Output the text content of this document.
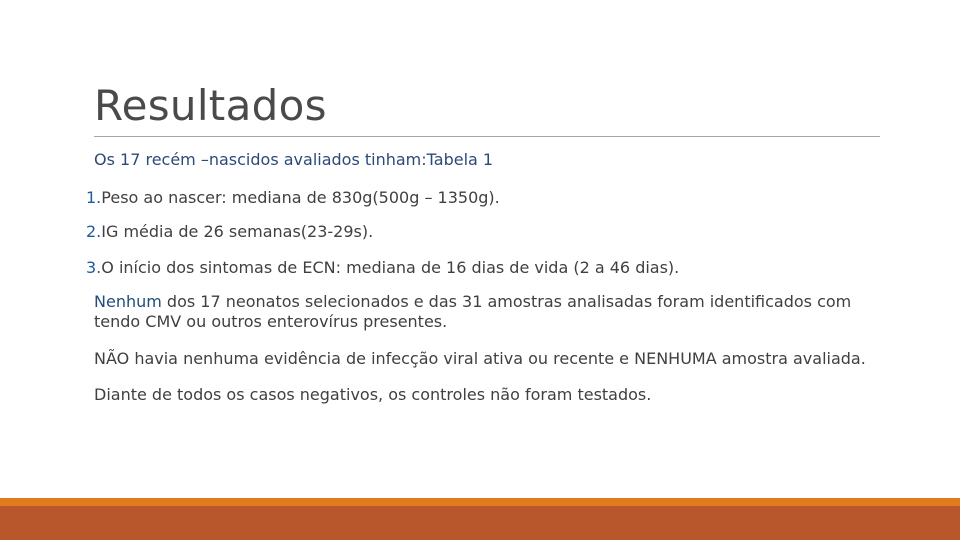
Resultados

Os 17 recém –nascidos avaliados tinham:Tabela 1

1.Peso ao nascer: mediana de 830g(500g – 1350g).

2.IG média de 26 semanas(23-29s).

3.O início dos sintomas de ECN: mediana de 16 dias de vida (2 a 46 dias).

Nenhum dos 17 neonatos selecionados e das 31 amostras analisadas foram identificados com tendo CMV ou outros enterovírus presentes.

NÃO havia nenhuma evidência de infecção viral ativa ou recente e NENHUMA amostra avaliada.

Diante de todos os casos negativos, os controles não foram testados.
